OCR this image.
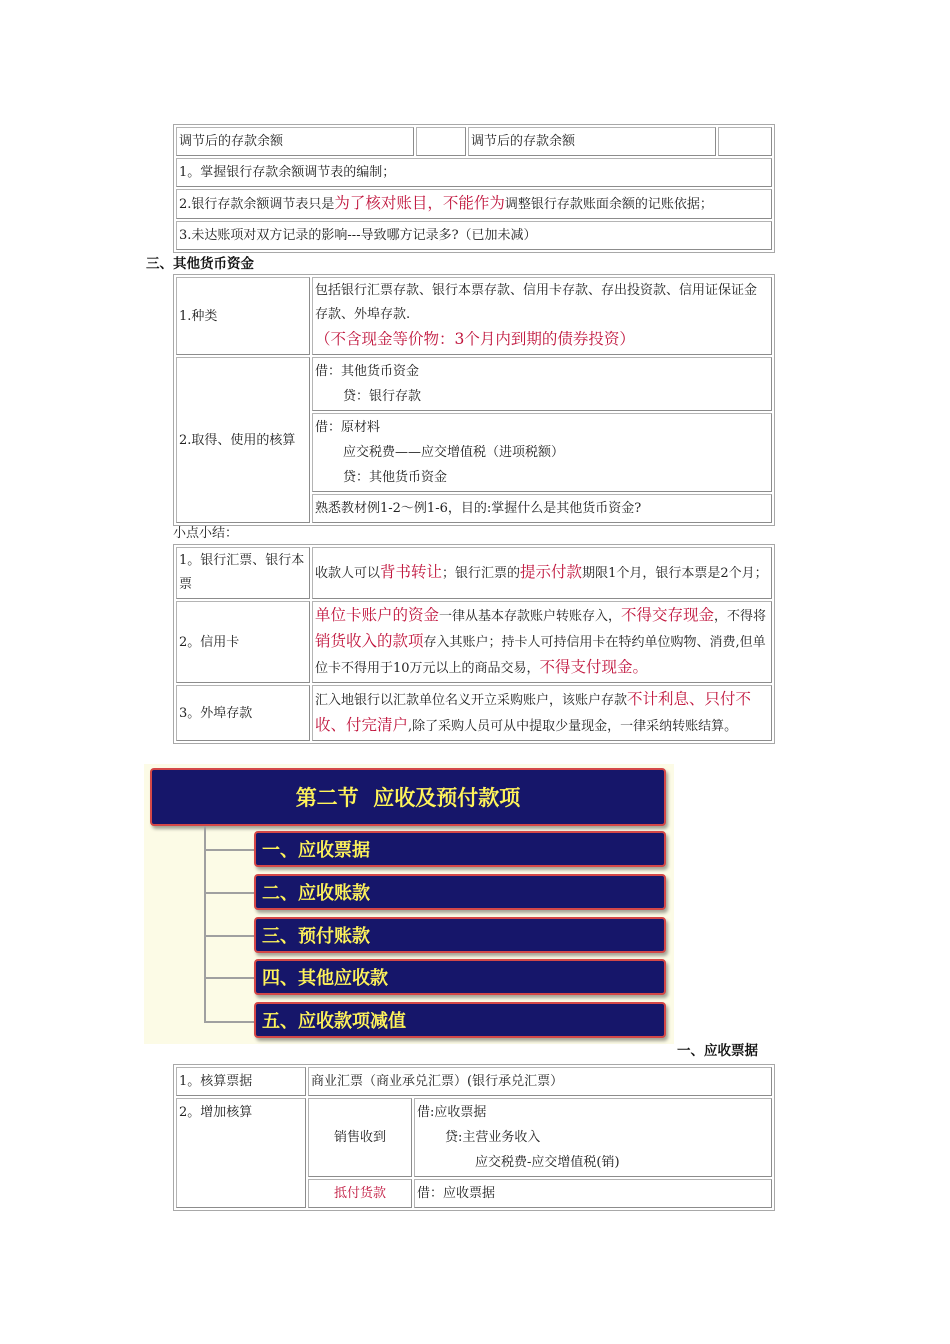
调节后的存款余额		调节后的存款余额	
1。掌握银行存款余额调节表的编制；
2.银行存款余额调节表只是为了核对账目，不能作为调整银行存款账面余额的记账依据；
3.未达账项对双方记录的影响---导致哪方记录多?（已加未减）
三、其他货币资金
1.种类	包括银行汇票存款、银行本票存款、信用卡存款、存出投资款、信用证保证金存款、外埠存款.
（不含现金等价物：3个月内到期的债券投资）
2.取得、使用的核算	借：其他货币资金
贷：银行存款

	借：原材料
应交税费——应交增值税（进项税额）
贷：其他货币资金

	熟悉教材例1-2～例1-6，目的:掌握什么是其他货币资金?
小点小结：
1。银行汇票、银行本票	收款人可以背书转让；银行汇票的提示付款期限1个月，银行本票是2个月；
2。信用卡	单位卡账户的资金一律从基本存款账户转账存入，不得交存现金，不得将销货收入的款项存入其账户；持卡人可持信用卡在特约单位购物、消费,但单位卡不得用于10万元以上的商品交易，不得支付现金。
3。外埠存款	汇入地银行以汇款单位名义开立采购账户，该账户存款不计利息、只付不收、付完清户,除了采购人员可从中提取少量现金，一律采纳转账结算。
第二节  应收及预付款项
一、应收票据
二、应收账款
三、预付账款
四、其他应收款
五、应收款项减值
一、应收票据
1。核算票据	商业汇票（商业承兑汇票）(银行承兑汇票）	
2。增加核算	销售收到	借:应收票据
贷:主营业务收入
应交税费-应交增值税(销)

	抵付货款	借：应收票据
